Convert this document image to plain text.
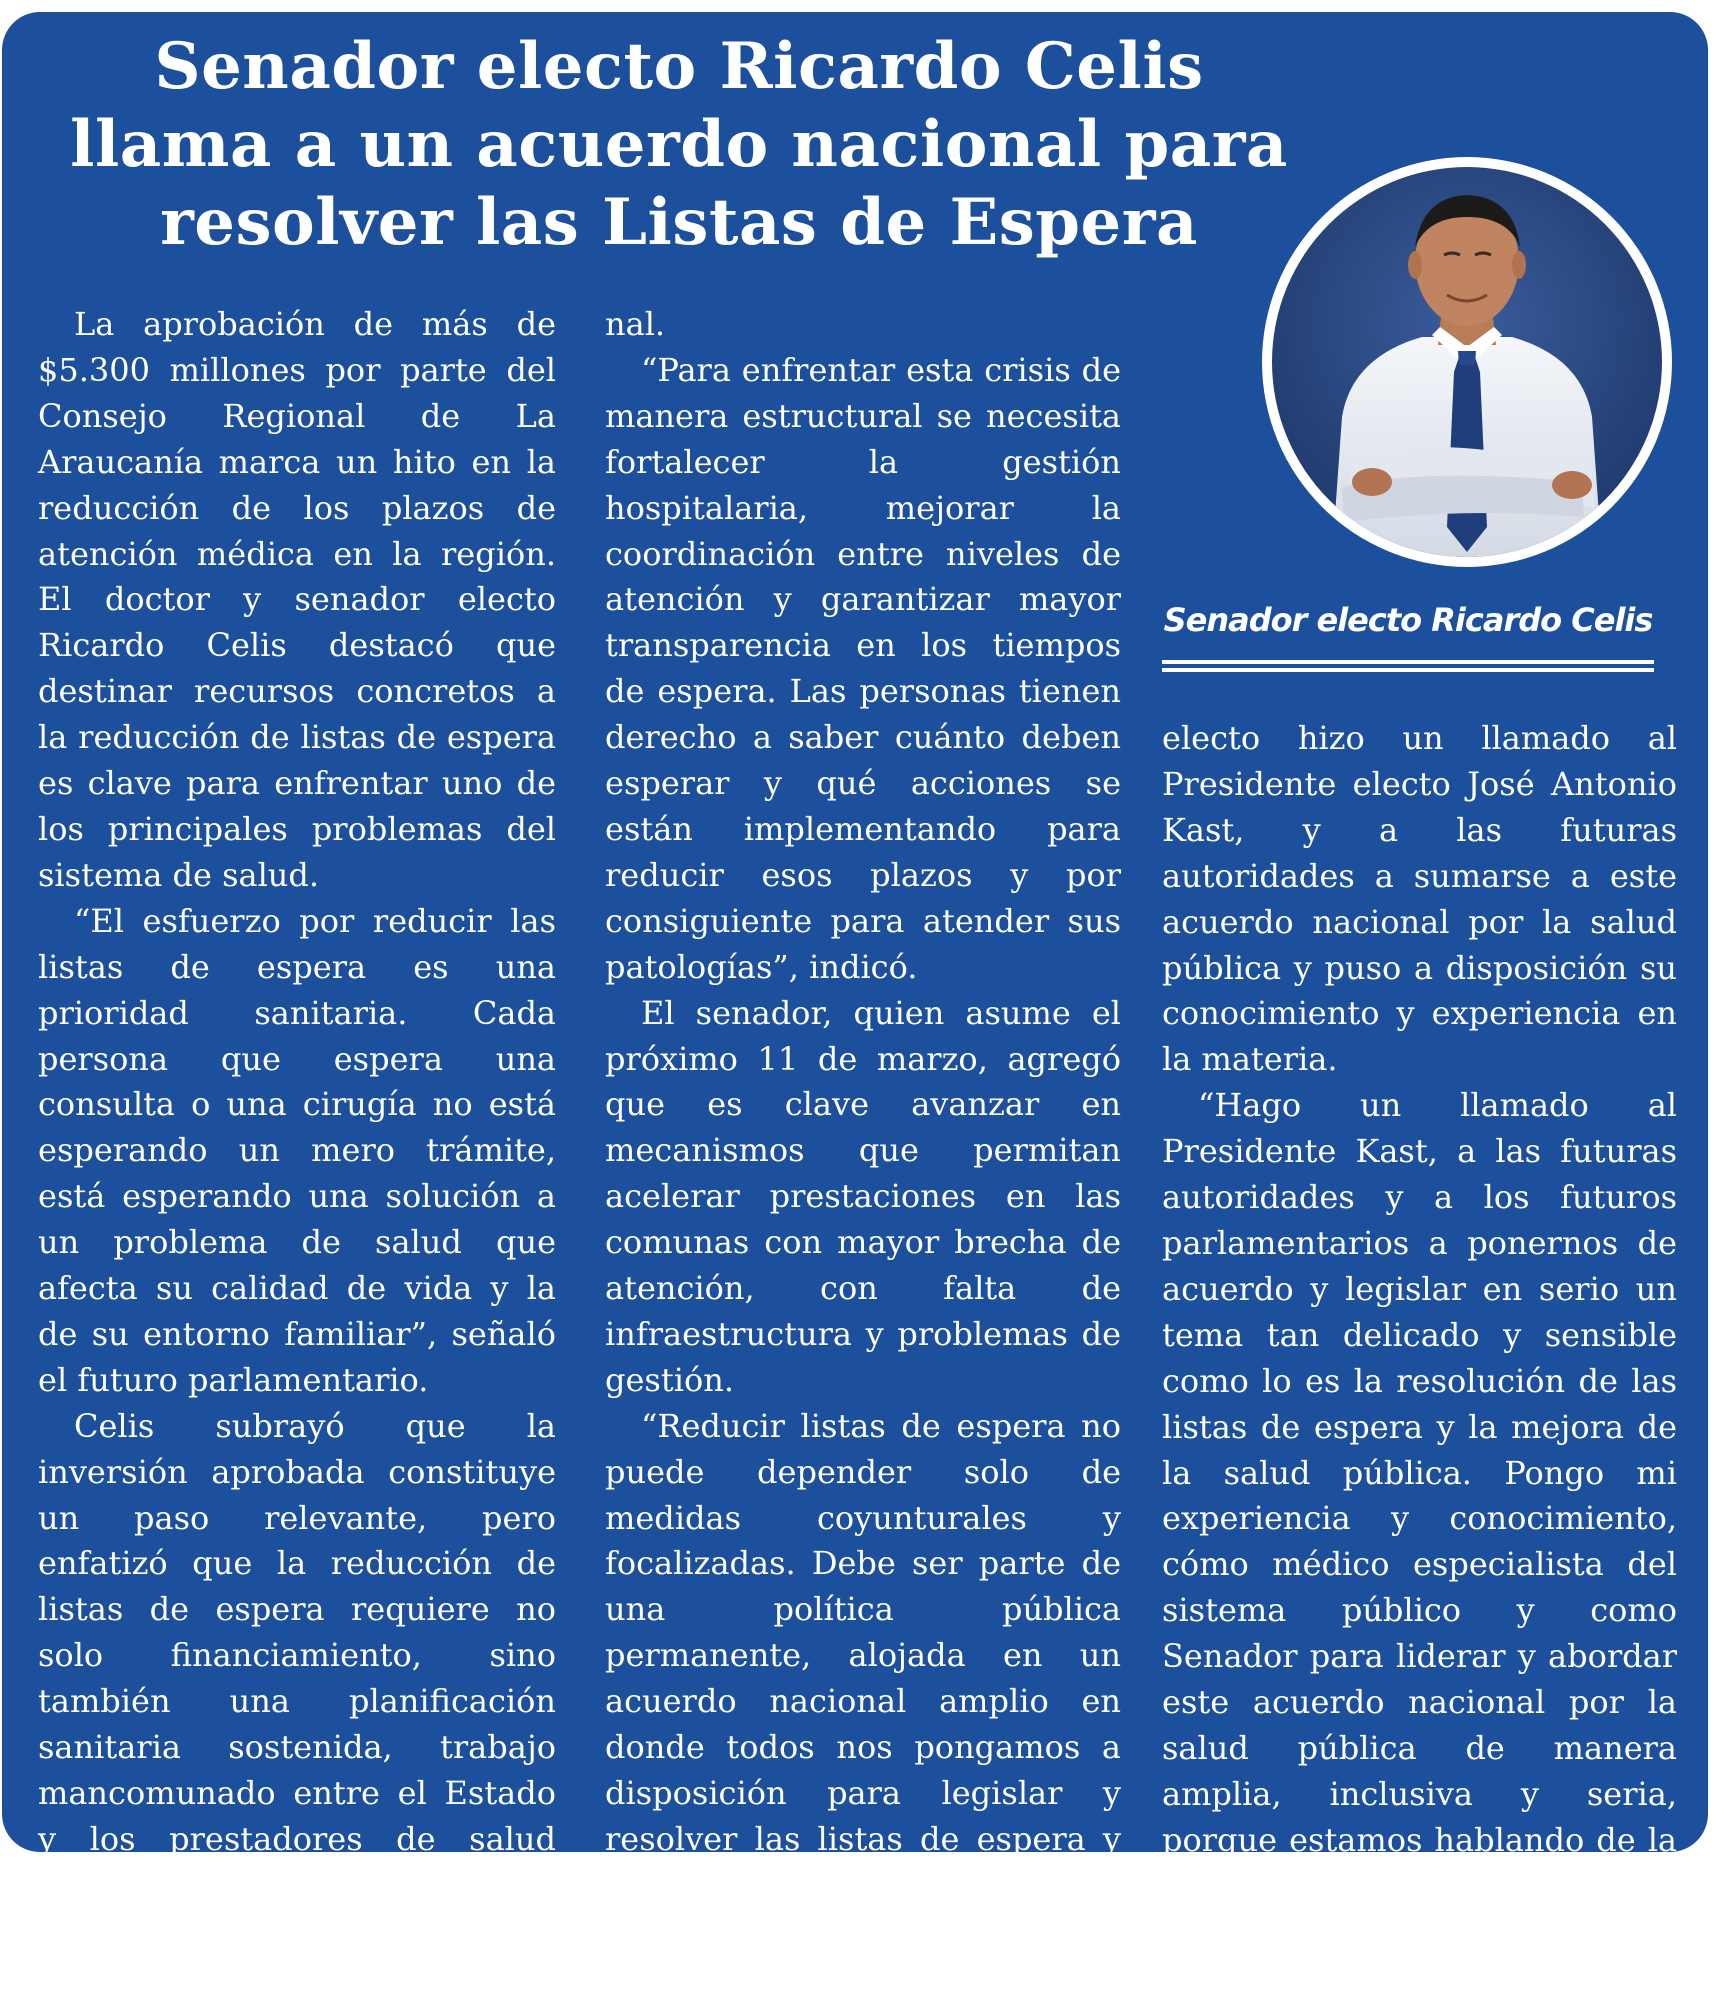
Senador electo Ricardo Celis
llama a un acuerdo nacional para
resolver las Listas de Espera
Senador electo Ricardo Celis

La aprobación de más de $5.300 millones por parte del Consejo Regional de La Araucanía marca un hito en la reducción de los plazos de atención médica en la región. El doctor y senador electo Ricardo Celis destacó que destinar recursos concretos a la reducción de listas de espera es clave para enfrentar uno de los principales problemas del sistema de salud.

“El esfuerzo por reducir las listas de espera es una prioridad sanitaria. Cada persona que espera una consulta o una cirugía no está esperando un mero trámite, está esperando una solución a un problema de salud que afecta su calidad de vida y la de su entorno familiar”, señaló el futuro parlamentario.

Celis subrayó que la inversión aprobada constituye un paso relevante, pero enfatizó que la reducción de listas de espera requiere no solo financiamiento, sino también una planificación sanitaria sostenida, trabajo mancomunado entre el Estado y los prestadores de salud privada y la voluntad del gobierno entrante y el Congreso Nacio-

nal.

“Para enfrentar esta crisis de manera estructural se necesita fortalecer la gestión hospitalaria, mejorar la coordinación entre niveles de atención y garantizar mayor transparencia en los tiempos de espera. Las personas tienen derecho a saber cuánto deben esperar y qué acciones se están implementando para reducir esos plazos y por consiguiente para atender sus patologías”, indicó.

El senador, quien asume el próximo 11 de marzo, agregó que es clave avanzar en mecanismos que permitan acelerar prestaciones en las comunas con mayor brecha de atención, con falta de infraestructura y problemas de gestión.

“Reducir listas de espera no puede depender solo de medidas coyunturales y focalizadas. Debe ser parte de una política pública permanente, alojada en un acuerdo nacional amplio en donde todos nos pongamos a disposición para legislar y resolver las listas de espera y mejorar la salud pública”.

De igual manera, el Senador

electo hizo un llamado al Presidente electo José Antonio Kast, y a las futuras autoridades a sumarse a este acuerdo nacional por la salud pública y puso a disposición su conocimiento y experiencia en la materia.

“Hago un llamado al Presidente Kast, a las futuras autoridades y a los futuros parlamentarios a ponernos de acuerdo y legislar en serio un tema tan delicado y sensible como lo es la resolución de las listas de espera y la mejora de la salud pública. Pongo mi experiencia y conocimiento, cómo médico especialista del sistema público y como Senador para liderar y abordar este acuerdo nacional por la salud pública de manera amplia, inclusiva y seria, porque estamos hablando de la vida de las personas”.
